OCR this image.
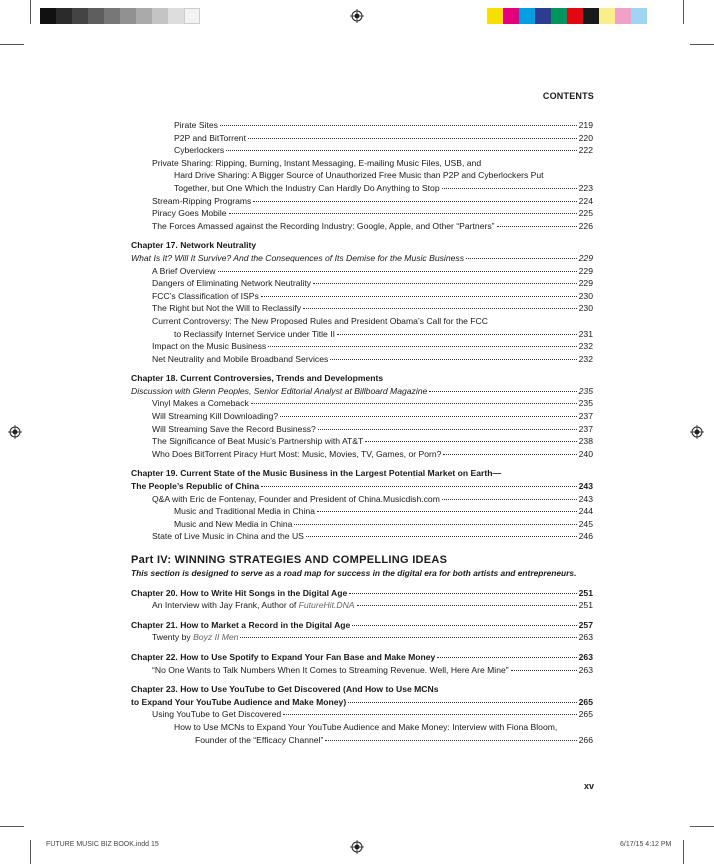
CONTENTS
Pirate Sites	219
P2P and BitTorrent	220
Cyberlockers	222
Private Sharing: Ripping, Burning, Instant Messaging, E-mailing Music Files, USB, and
Hard Drive Sharing: A Bigger Source of Unauthorized Free Music than P2P and Cyberlockers Put
Together, but One Which the Industry Can Hardly Do Anything to Stop	223
Stream-Ripping Programs	224
Piracy Goes Mobile	225
The Forces Amassed against the Recording Industry: Google, Apple, and Other “Partners”	226
Chapter 17. Network Neutrality
What Is It? Will It Survive? And the Consequences of Its Demise for the Music Business	229
A Brief Overview	229
Dangers of Eliminating Network Neutrality	229
FCC’s Classification of ISPs	230
The Right but Not the Will to Reclassify	230
Current Controversy: The New Proposed Rules and President Obama’s Call for the FCC
to Reclassify Internet Service under Title II	231
Impact on the Music Business	232
Net Neutrality and Mobile Broadband Services	232
Chapter 18. Current Controversies, Trends and Developments
Discussion with Glenn Peoples, Senior Editorial Analyst at Billboard Magazine	235
Vinyl Makes a Comeback	235
Will Streaming Kill Downloading?	237
Will Streaming Save the Record Business?	237
The Significance of Beat Music’s Partnership with AT&T	238
Who Does BitTorrent Piracy Hurt Most: Music, Movies, TV, Games, or Porn?	240
Chapter 19. Current State of the Music Business in the Largest Potential Market on Earth—
The People’s Republic of China	243
Q&A with Eric de Fontenay, Founder and President of China.Musicdish.com	243
Music and Traditional Media in China	244
Music and New Media in China	245
State of Live Music in China and the US	246
Part IV: WINNING STRATEGIES AND COMPELLING IDEAS
This section is designed to serve as a road map for success in the digital era for both artists and entrepreneurs.
Chapter 20. How to Write Hit Songs in the Digital Age	251
An Interview with Jay Frank, Author of FutureHit.DNA	251
Chapter 21. How to Market a Record in the Digital Age	257
Twenty by Boyz II Men	263
Chapter 22. How to Use Spotify to Expand Your Fan Base and Make Money	263
“No One Wants to Talk Numbers When It Comes to Streaming Revenue. Well, Here Are Mine”	263
Chapter 23. How to Use YouTube to Get Discovered (And How to Use MCNs
to Expand Your YouTube Audience and Make Money)	265
Using YouTube to Get Discovered	265
How to Use MCNs to Expand Your YouTube Audience and Make Money: Interview with Fiona Bloom,
Founder of the “Efficacy Channel”	266
xv
FUTURE MUSIC BIZ BOOK.indd 15	6/17/15 4:12 PM
